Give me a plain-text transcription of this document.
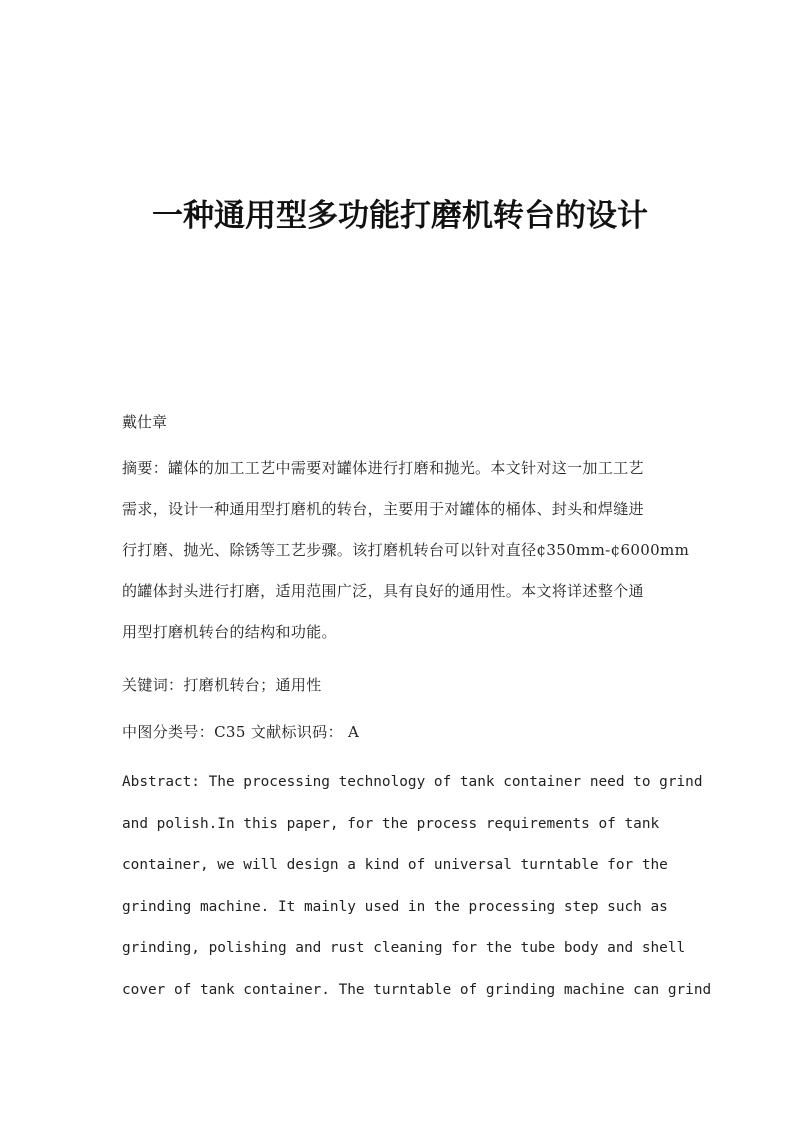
一种通用型多功能打磨机转台的设计

戴仕章

摘要：罐体的加工工艺中需要对罐体进行打磨和抛光。本文针对这一加工工艺
需求，设计一种通用型打磨机的转台，主要用于对罐体的桶体、封头和焊缝进
行打磨、抛光、除锈等工艺步骤。该打磨机转台可以针对直径¢350mm-¢6000mm
的罐体封头进行打磨，适用范围广泛，具有良好的通用性。本文将详述整个通
用型打磨机转台的结构和功能。
关键词：打磨机转台；通用性
中图分类号：C35 文献标识码： A
Abstract: The processing technology of tank container need to grind
and polish.In this paper, for the process requirements of tank
container, we will design a kind of universal turntable for the
grinding machine. It mainly used in the processing step such as
grinding, polishing and rust cleaning for the tube body and shell
cover of tank container. The turntable of grinding machine can grind
